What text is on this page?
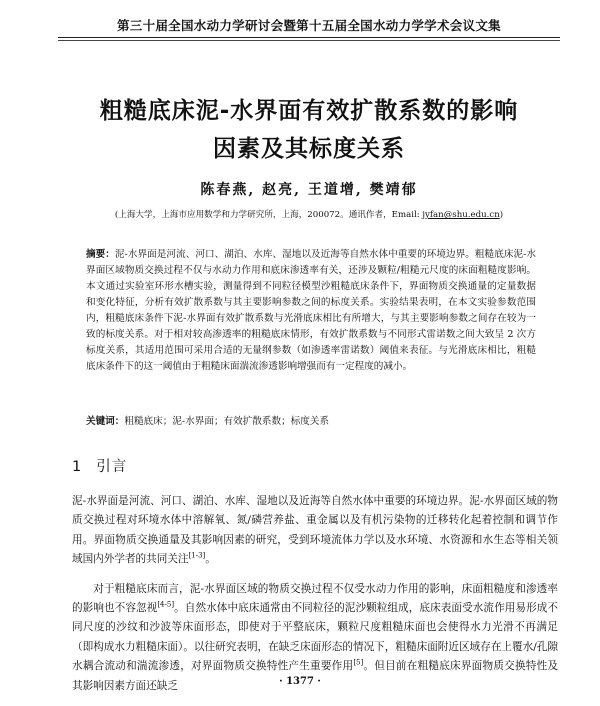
第三十届全国水动力学研讨会暨第十五届全国水动力学学术会议文集
粗糙底床泥-水界面有效扩散系数的影响
因素及其标度关系
陈春燕, 赵亮, 王道增, 樊靖郁
(上海大学，上海市应用数学和力学研究所，上海，200072。通讯作者，Email: jyfan@shu.edu.cn)
摘要：泥-水界面是河流、河口、湖泊、水库、湿地以及近海等自然水体中重要的环境边界。粗糙底床泥-水界面区域物质交换过程不仅与水动力作用和底床渗透率有关，还涉及颗粒/粗糙元尺度的床面粗糙度影响。本文通过实验室环形水槽实验，测量得到不同粒径模型沙粗糙底床条件下，界面物质交换通量的定量数据和变化特征，分析有效扩散系数与其主要影响参数之间的标度关系。实验结果表明，在本文实验参数范围内，粗糙底床条件下泥-水界面有效扩散系数与光滑底床相比有所增大，与其主要影响参数之间存在较为一致的标度关系。对于相对较高渗透率的粗糙底床情形，有效扩散系数与不同形式雷诺数之间大致呈 2 次方标度关系，其适用范围可采用合适的无量纲参数（如渗透率雷诺数）阈值来表征。与光滑底床相比，粗糙底床条件下的这一阈值由于粗糙床面湍流渗透影响增强而有一定程度的减小。
关键词：粗糙底床；泥-水界面；有效扩散系数；标度关系
1 引言

泥-水界面是河流、河口、湖泊、水库、湿地以及近海等自然水体中重要的环境边界。泥-水界面区域的物质交换过程对环境水体中溶解氧、氮/磷营养盐、重金属以及有机污染物的迁移转化起着控制和调节作用。界面物质交换通量及其影响因素的研究，受到环境流体力学以及水环境、水资源和水生态等相关领域国内外学者的共同关注[1-3]。

对于粗糙底床而言，泥-水界面区域的物质交换过程不仅受水动力作用的影响，床面粗糙度和渗透率的影响也不容忽视[4-5]。自然水体中底床通常由不同粒径的泥沙颗粒组成，底床表面受水流作用易形成不同尺度的沙纹和沙波等床面形态，即使对于平整底床，颗粒尺度粗糙床面也会使得水力光滑不再满足（即构成水力粗糙床面）。以往研究表明，在缺乏床面形态的情况下，粗糙床面附近区域存在上覆水/孔隙水耦合流动和湍流渗透，对界面物质交换特性产生重要作用[5]。但目前在粗糙底床界面物质交换特性及其影响因素方面还缺乏	· 1377 ·
